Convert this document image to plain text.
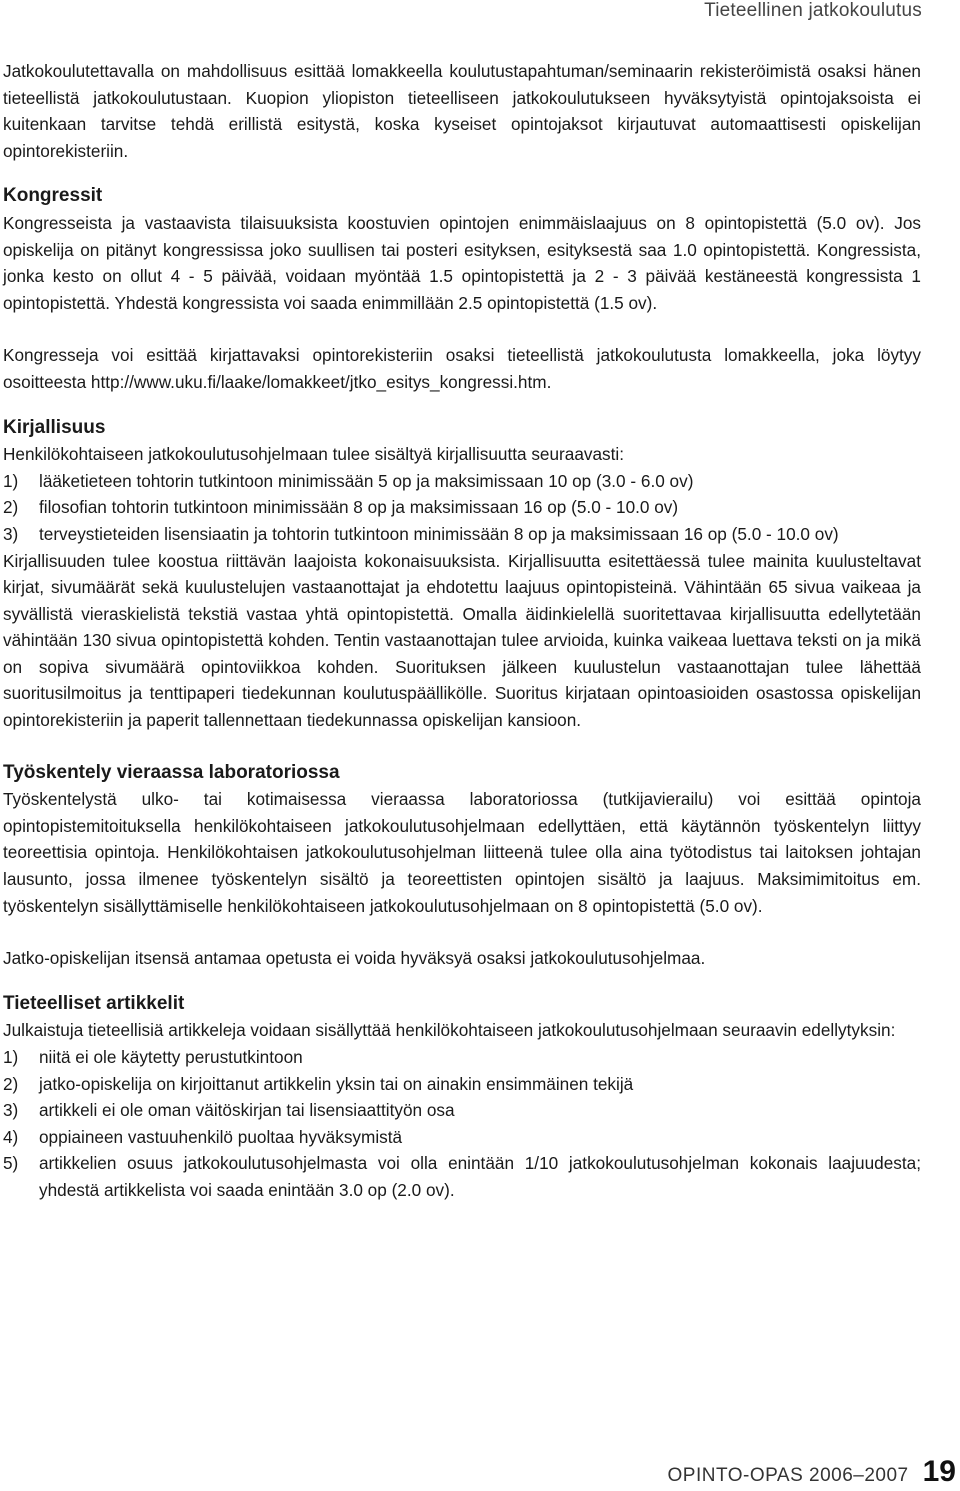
Tieteellinen jatkokoulutus

Jatkokoulutettavalla on mahdollisuus esittää lomakkeella koulutustapahtuman/seminaarin rekisteröimistä osaksi hänen tieteellistä jatkokoulutustaan. Kuopion yliopiston tieteelliseen jatkokoulutukseen hyväksytyistä opintojaksoista ei kuitenkaan tarvitse tehdä erillistä esitystä, koska kyseiset opintojaksot kirjautuvat automaattisesti opiskelijan opintorekisteriin.

Kongressit

Kongresseista ja vastaavista tilaisuuksista koostuvien opintojen enimmäislaajuus on 8 opintopistettä (5.0 ov). Jos opiskelija on pitänyt kongressissa joko suullisen tai posteri esityksen, esityksestä saa 1.0 opintopistettä. Kongressista, jonka kesto on ollut 4 - 5 päivää, voidaan myöntää 1.5 opintopistettä ja 2 - 3 päivää kestäneestä kongressista 1 opintopistettä. Yhdestä kongressista voi saada enimmillään 2.5 opintopistettä (1.5 ov).

Kongresseja voi esittää kirjattavaksi opintorekisteriin osaksi tieteellistä jatkokoulutusta lomakkeella, joka löytyy osoitteesta http://www.uku.fi/laake/lomakkeet/jtko_esitys_kongressi.htm.

Kirjallisuus

Henkilökohtaiseen jatkokoulutusohjelmaan tulee sisältyä kirjallisuutta seuraavasti:

1)	lääketieteen tohtorin tutkintoon minimissään 5 op ja maksimissaan 10 op (3.0 - 6.0 ov)
2)	filosofian tohtorin tutkintoon minimissään 8 op ja maksimissaan 16 op (5.0 - 10.0 ov)
3)	terveystieteiden lisensiaatin ja tohtorin tutkintoon minimissään 8 op ja maksimissaan 16 op (5.0 - 10.0 ov)

Kirjallisuuden tulee koostua riittävän laajoista kokonaisuuksista. Kirjallisuutta esitettäessä tulee mainita kuulusteltavat kirjat, sivumäärät sekä kuulustelujen vastaanottajat ja ehdotettu laajuus opintopisteinä. Vähintään 65 sivua vaikeaa ja syvällistä vieraskielistä tekstiä vastaa yhtä opintopistettä. Omalla äidinkielellä suoritettavaa kirjallisuutta edellytetään vähintään 130 sivua opintopistettä kohden. Tentin vastaanottajan tulee arvioida, kuinka vaikeaa luettava teksti on ja mikä on sopiva sivumäärä opintoviikkoa kohden. Suorituksen jälkeen kuulustelun vastaanottajan tulee lähettää suoritusilmoitus ja tenttipaperi tiedekunnan koulutuspäällikölle. Suoritus kirjataan opintoasioiden osastossa opiskelijan opintorekisteriin ja paperit tallennettaan tiedekunnassa opiskelijan kansioon.

Työskentely vieraassa laboratoriossa

Työskentelystä ulko- tai kotimaisessa vieraassa laboratoriossa (tutkijavierailu) voi esittää opintoja opintopistemitoituksella henkilökohtaiseen jatkokoulutusohjelmaan edellyttäen, että käytännön työskentelyn liittyy teoreettisia opintoja. Henkilökohtaisen jatkokoulutusohjelman liitteenä tulee olla aina työtodistus tai laitoksen johtajan lausunto, jossa ilmenee työskentelyn sisältö ja teoreettisten opintojen sisältö ja laajuus. Maksimimitoitus em. työskentelyn sisällyttämiselle henkilökohtaiseen jatkokoulutusohjelmaan on 8 opintopistettä (5.0 ov).

Jatko-opiskelijan itsensä antamaa opetusta ei voida hyväksyä osaksi jatkokoulutusohjelmaa.

Tieteelliset artikkelit

Julkaistuja tieteellisiä artikkeleja voidaan sisällyttää henkilökohtaiseen jatkokoulutusohjelmaan seuraavin edellytyksin:

1)	niitä ei ole käytetty perustutkintoon
2)	jatko-opiskelija on kirjoittanut artikkelin yksin tai on ainakin ensimmäinen tekijä
3)	artikkeli ei ole oman väitöskirjan tai lisensiaattityön osa
4)	oppiaineen vastuuhenkilö puoltaa hyväksymistä
5)	artikkelien osuus jatkokoulutusohjelmasta voi olla enintään 1/10 jatkokoulutusohjelman kokonais laajuudesta; yhdestä artikkelista voi saada enintään 3.0 op (2.0 ov).
OPINTO-OPAS 2006–2007 19
